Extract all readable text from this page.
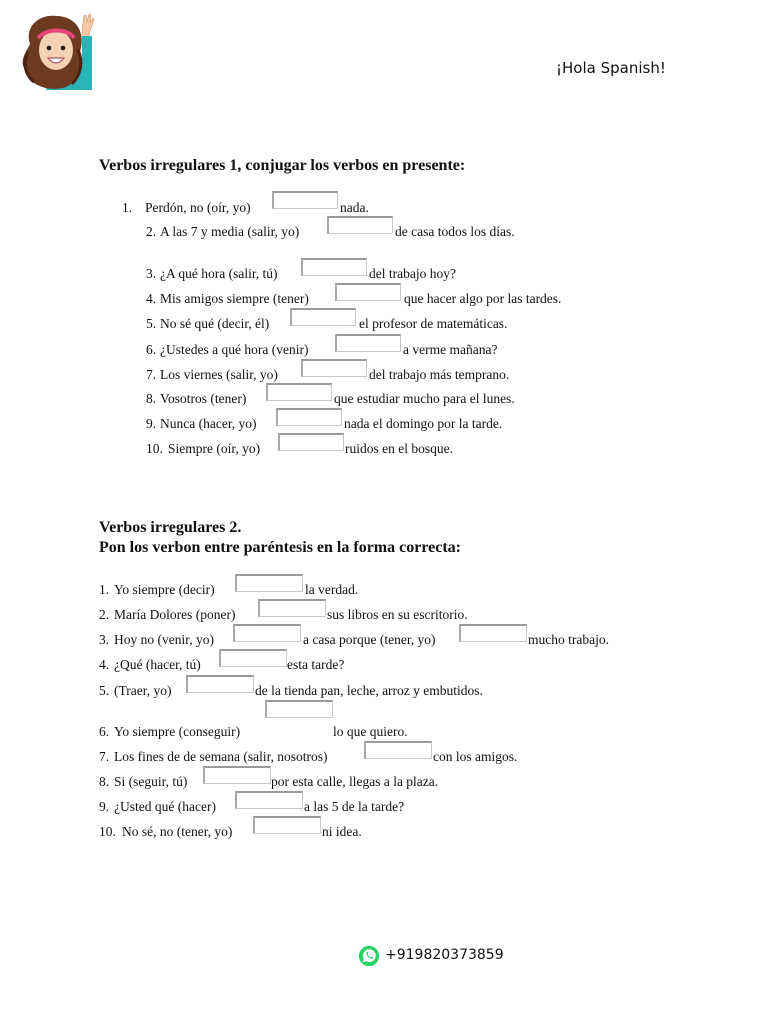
¡Hola Spanish!
Verbos irregulares 1, conjugar los verbos en presente:
1. Perdón, no (oír, yo)	nada.
2. A las 7 y media (salir, yo)	de casa todos los días.
3. ¿A qué hora (salir, tú)	del trabajo hoy?
4. Mis amigos siempre (tener)	que hacer algo por las tardes.
5. No sé qué (decir, él)	el profesor de matemáticas.
6. ¿Ustedes a qué hora (venir)	a verme mañana?
7. Los viernes (salir, yo)	del trabajo más temprano.
8. Vosotros (tener)	que estudiar mucho para el lunes.
9. Nunca (hacer, yo)	nada el domingo por la tarde.
10. Siempre (oír, yo)	ruidos en el bosque.
Verbos irregulares 2.
Pon los verbon entre paréntesis en la forma correcta:
1. Yo siempre (decir)	la verdad.
2. María Dolores (poner)	sus libros en su escritorio.
3. Hoy no (venir, yo)	a casa porque (tener, yo)	mucho trabajo.
4. ¿Qué (hacer, tú)	esta tarde?
5. (Traer, yo)	de la tienda pan, leche, arroz y embutidos.
6. Yo siempre (conseguir)	lo que quiero.
7. Los fines de de semana (salir, nosotros)	con los amigos.
8. Si (seguir, tú)	por esta calle, llegas a la plaza.
9. ¿Usted qué (hacer)	a las 5 de la tarde?
10. No sé, no (tener, yo)	ni idea.
+919820373859
